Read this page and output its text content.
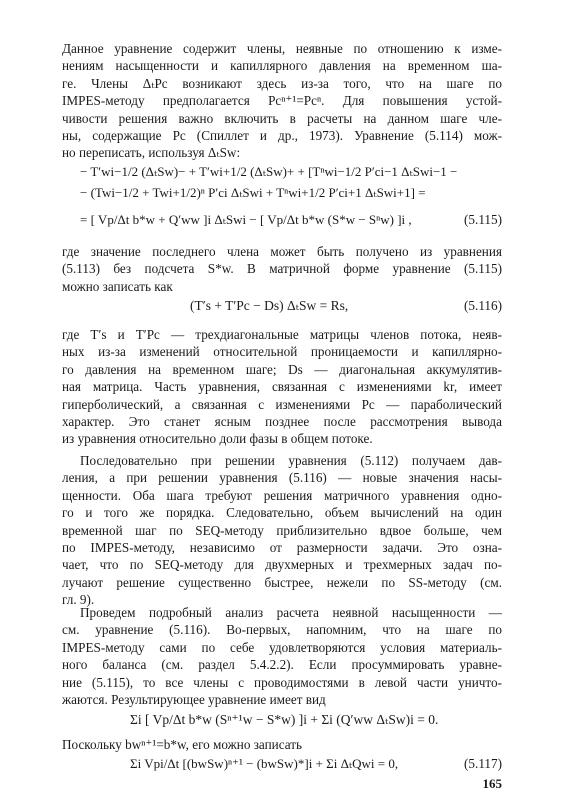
Данное уравнение содержит члены, неявные по отношению к изме-
нениям насыщенности и капиллярного давления на временном ша-
ге. Члены ΔₜPc возникают здесь из-за того, что на шаге по
IMPES-методу предполагается Pcⁿ⁺¹=Pcⁿ. Для повышения устой-
чивости решения важно включить в расчеты на данном шаге чле-
ны, содержащие Pc (Спиллет и др., 1973). Уравнение (5.114) мож-
но переписать, используя ΔₜSw:
− T′wi−1/2 (ΔₜSw)− + T′wi+1/2 (ΔₜSw)+ + [Tⁿwi−1/2 P′ci−1 ΔₜSwi−1 −
− (Twi−1/2 + Twi+1/2)ⁿ P′ci ΔₜSwi + Tⁿwi+1/2 P′ci+1 ΔₜSwi+1] =
= [ Vp/Δt b*w + Q′ww ]i ΔₜSwi − [ Vp/Δt b*w (S*w − Sⁿw) ]i ,	(5.115)
где значение последнего члена может быть получено из уравнения
(5.113) без подсчета S*w. В матричной форме уравнение (5.115)
можно записать как
(T′s + T′Pc − Ds) ΔₜSw = Rs,	(5.116)
где T′s и T′Pc — трехдиагональные матрицы членов потока, неяв-
ных из-за изменений относительной проницаемости и капиллярно-
го давления на временном шаге; Ds — диагональная аккумулятив-
ная матрица. Часть уравнения, связанная с изменениями kr, имеет
гиперболический, а связанная с изменениями Pc — параболический
характер. Это станет ясным позднее после рассмотрения вывода
из уравнения относительно доли фазы в общем потоке.
Последовательно при решении уравнения (5.112) получаем дав-
ления, а при решении уравнения (5.116) — новые значения насы-
щенности. Оба шага требуют решения матричного уравнения одно-
го и того же порядка. Следовательно, объем вычислений на один
временной шаг по SEQ-методу приблизительно вдвое больше, чем
по IMPES-методу, независимо от размерности задачи. Это озна-
чает, что по SEQ-методу для двухмерных и трехмерных задач по-
лучают решение существенно быстрее, нежели по SS-методу (см.
гл. 9).
Проведем подробный анализ расчета неявной насыщенности —
см. уравнение (5.116). Во-первых, напомним, что на шаге по
IMPES-методу сами по себе удовлетворяются условия материаль-
ного баланса (см. раздел 5.4.2.2). Если просуммировать уравне-
ние (5.115), то все члены с проводимостями в левой части уничто-
жаются. Результирующее уравнение имеет вид
Σi [ Vp/Δt b*w (Sⁿ⁺¹w − S*w) ]i + Σi (Q′ww ΔₜSw)i = 0.
165
Поскольку bwⁿ⁺¹=b*w, его можно записать
Σi Vpi/Δt [(bwSw)ⁿ⁺¹ − (bwSw)*]i + Σi ΔₜQwi = 0,	(5.117)
